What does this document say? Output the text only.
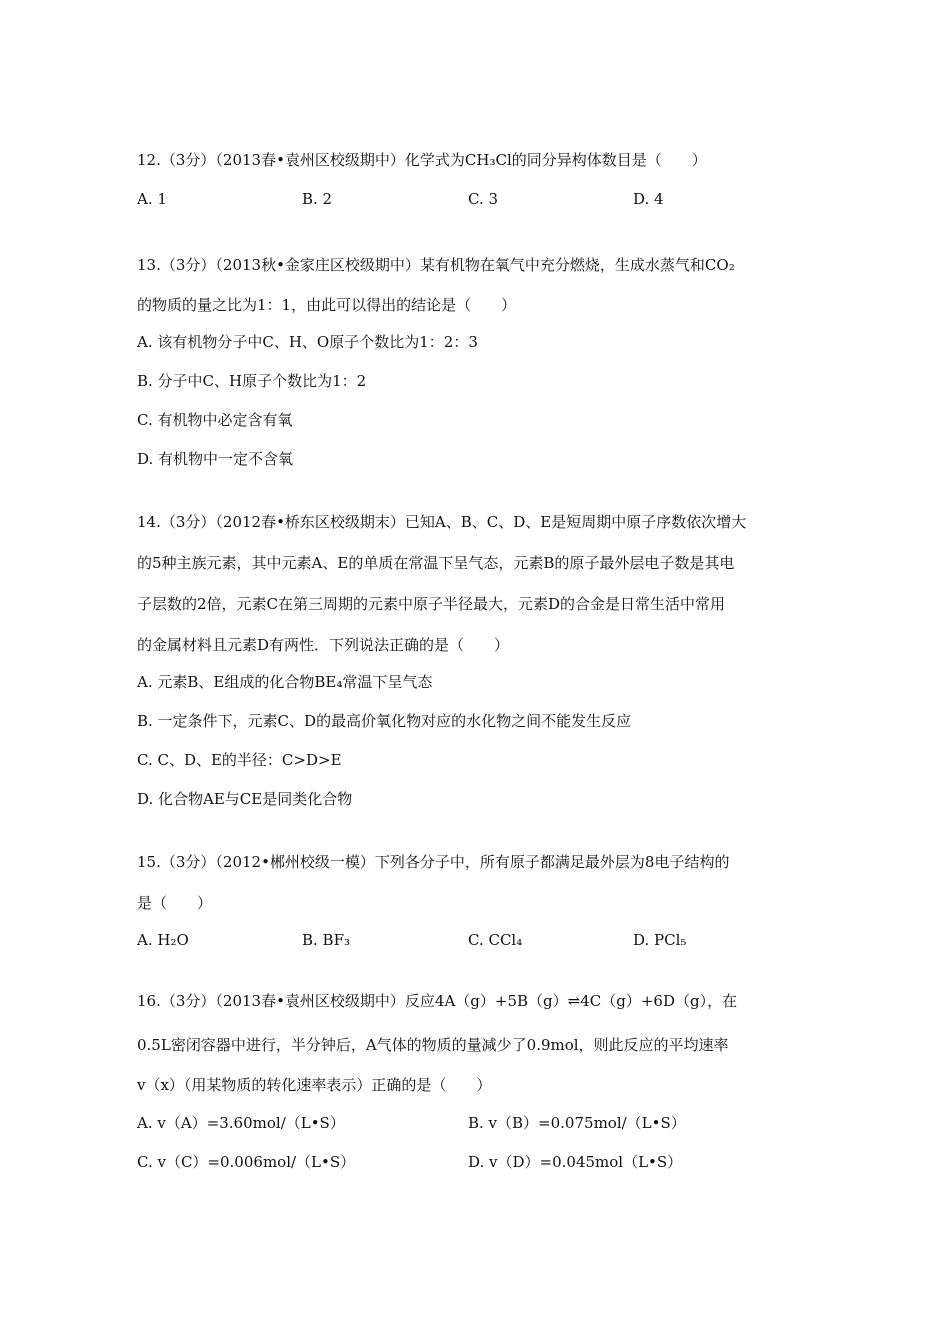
12.（3分）（2013春•袁州区校级期中）化学式为CH₃Cl的同分异构体数目是（　　）
A. 1	B. 2	C. 3	D. 4
13.（3分）（2013秋•金家庄区校级期中）某有机物在氧气中充分燃烧，生成水蒸气和CO₂
的物质的量之比为1：1，由此可以得出的结论是（　　）
A. 该有机物分子中C、H、O原子个数比为1：2：3
B. 分子中C、H原子个数比为1：2
C. 有机物中必定含有氧
D. 有机物中一定不含氧
14.（3分）（2012春•桥东区校级期末）已知A、B、C、D、E是短周期中原子序数依次增大
的5种主族元素，其中元素A、E的单质在常温下呈气态，元素B的原子最外层电子数是其电
子层数的2倍，元素C在第三周期的元素中原子半径最大，元素D的合金是日常生活中常用
的金属材料且元素D有两性．下列说法正确的是（　　）
A. 元素B、E组成的化合物BE₄常温下呈气态
B. 一定条件下，元素C、D的最高价氧化物对应的水化物之间不能发生反应
C. C、D、E的半径：C>D>E
D. 化合物AE与CE是同类化合物
15.（3分）（2012•郴州校级一模）下列各分子中，所有原子都满足最外层为8电子结构的
是（　　）
A. H₂O	B. BF₃	C. CCl₄	D. PCl₅
16.（3分）（2013春•袁州区校级期中）反应4A（g）+5B（g）⇌4C（g）+6D（g），在
0.5L密闭容器中进行，半分钟后，A气体的物质的量减少了0.9mol，则此反应的平均速率
v（x）（用某物质的转化速率表示）正确的是（　　）
A. v（A）=3.60mol/（L•S）	B. v（B）=0.075mol/（L•S）
C. v（C）=0.006mol/（L•S）	D. v（D）=0.045mol（L•S）
